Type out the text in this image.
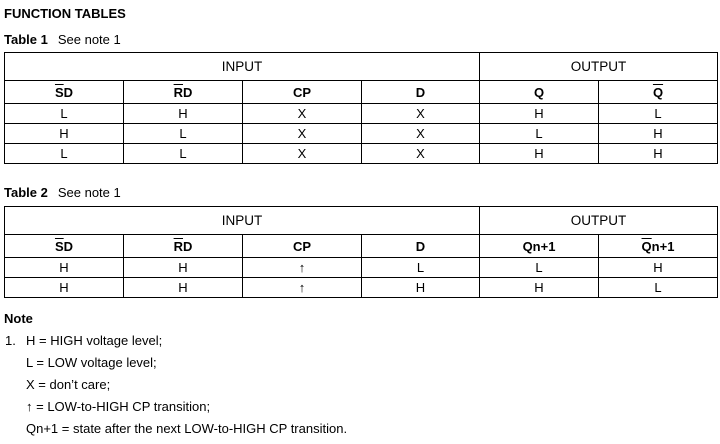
FUNCTION TABLES
Table 1 See note 1
INPUT				OUTPUT	
$\overline{S}D$	$\overline{R}D$	CP	D	Q	$\overline{Q}$
L	H	X	X	H	L
H	L	X	X	L	H
L	L	X	X	H	H
Table 2 See note 1
INPUT				OUTPUT	
$\overline{S}D$	$\overline{R}D$	CP	D	Qn+1	$\overline{Q}n+1$
H	H	↑	L	L	H
H	H	↑	H	H	L
Note
1. H = HIGH voltage level;
L = LOW voltage level;
X = don’t care;
↑ = LOW-to-HIGH CP transition;
Qn+1 = state after the next LOW-to-HIGH CP transition.
